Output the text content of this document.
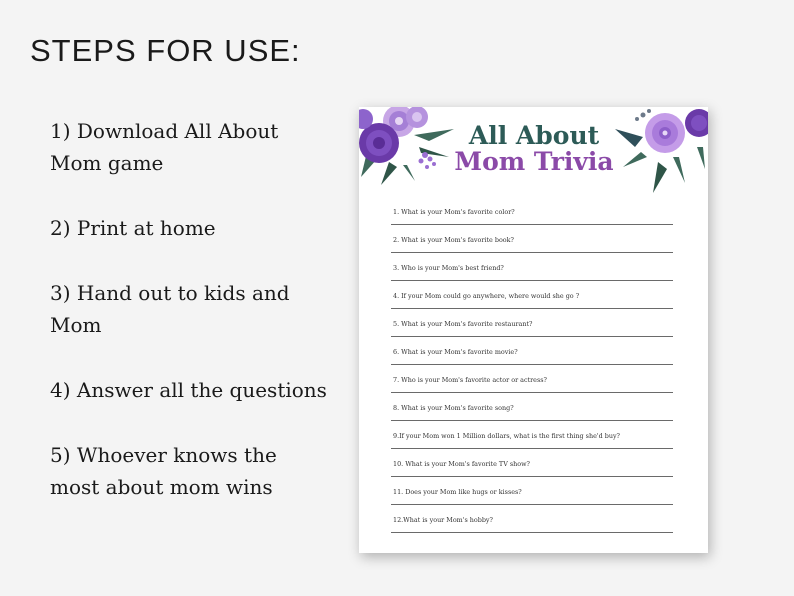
STEPS FOR USE:
1) Download All About Mom game
2) Print at home
3) Hand out to kids and Mom
4) Answer all the questions
5) Whoever knows the most about mom wins
All About
Mom Trivia
1. What is your Mom's favorite color?
2. What is your Mom's favorite book?
3. Who is your Mom's best friend?
4. If your Mom could go anywhere, where would she go ?
5. What is your Mom's favorite restaurant?
6. What is your Mom's favorite movie?
7. Who is your Mom's favorite actor or actress?
8. What is your Mom's favorite song?
9.If your Mom won 1 Million dollars, what is the first thing she'd buy?
10. What is your Mom's favorite TV show?
11. Does your Mom like hugs or kisses?
12.What is your Mom's hobby?
